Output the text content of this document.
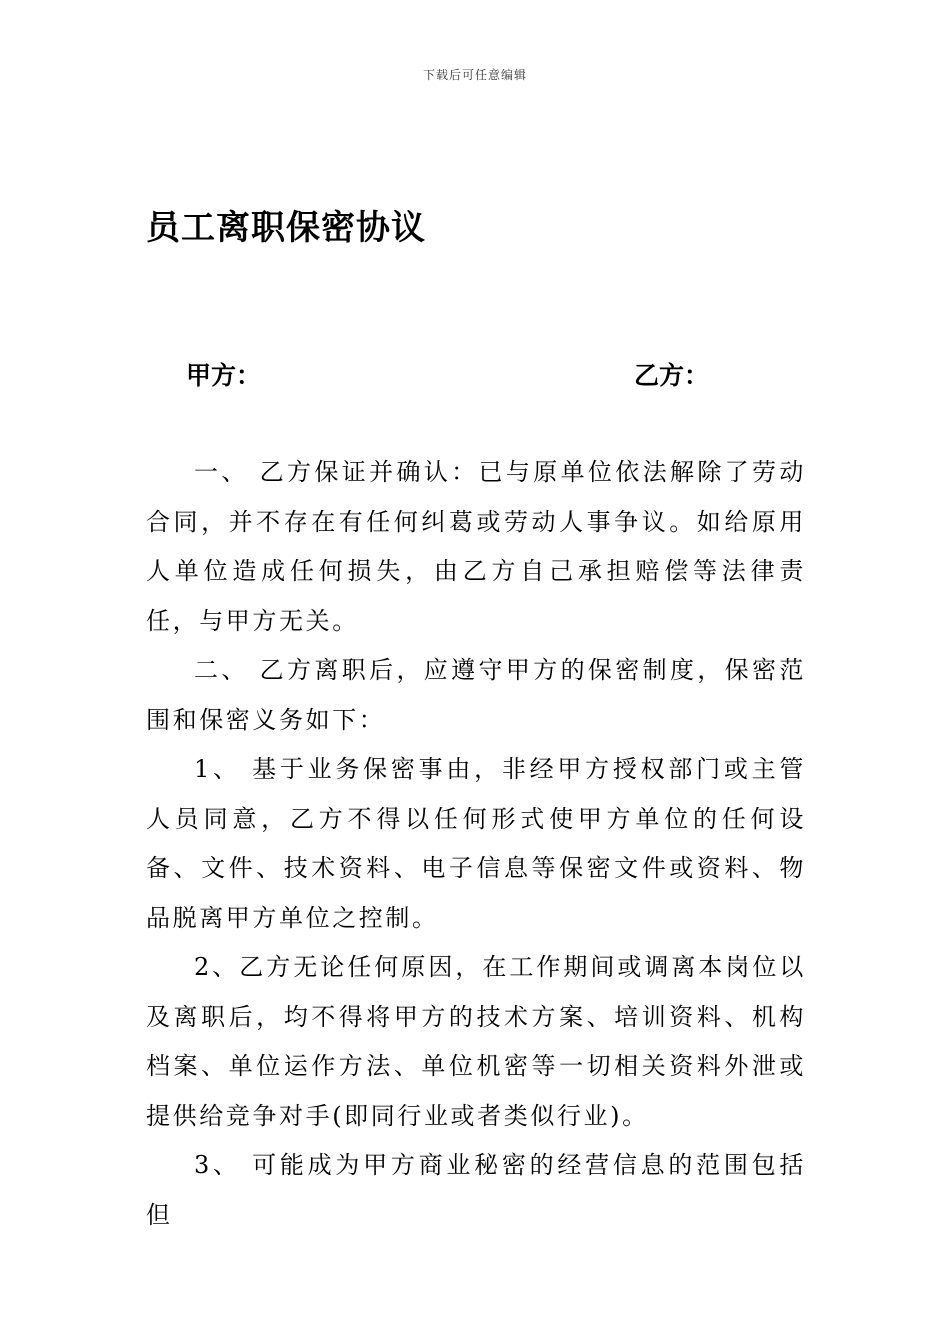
下载后可任意编辑
员工离职保密协议
甲方：	乙方：

一、 乙方保证并确认：已与原单位依法解除了劳动合同，并不存在有任何纠葛或劳动人事争议。如给原用人单位造成任何损失，由乙方自己承担赔偿等法律责任，与甲方无关。

二、 乙方离职后，应遵守甲方的保密制度，保密范围和保密义务如下：

1、 基于业务保密事由，非经甲方授权部门或主管人员同意，乙方不得以任何形式使甲方单位的任何设备、文件、技术资料、电子信息等保密文件或资料、物品脱离甲方单位之控制。

2、乙方无论任何原因，在工作期间或调离本岗位以及离职后，均不得将甲方的技术方案、培训资料、机构档案、单位运作方法、单位机密等一切相关资料外泄或提供给竞争对手(即同行业或者类似行业)。

3、 可能成为甲方商业秘密的经营信息的范围包括但
